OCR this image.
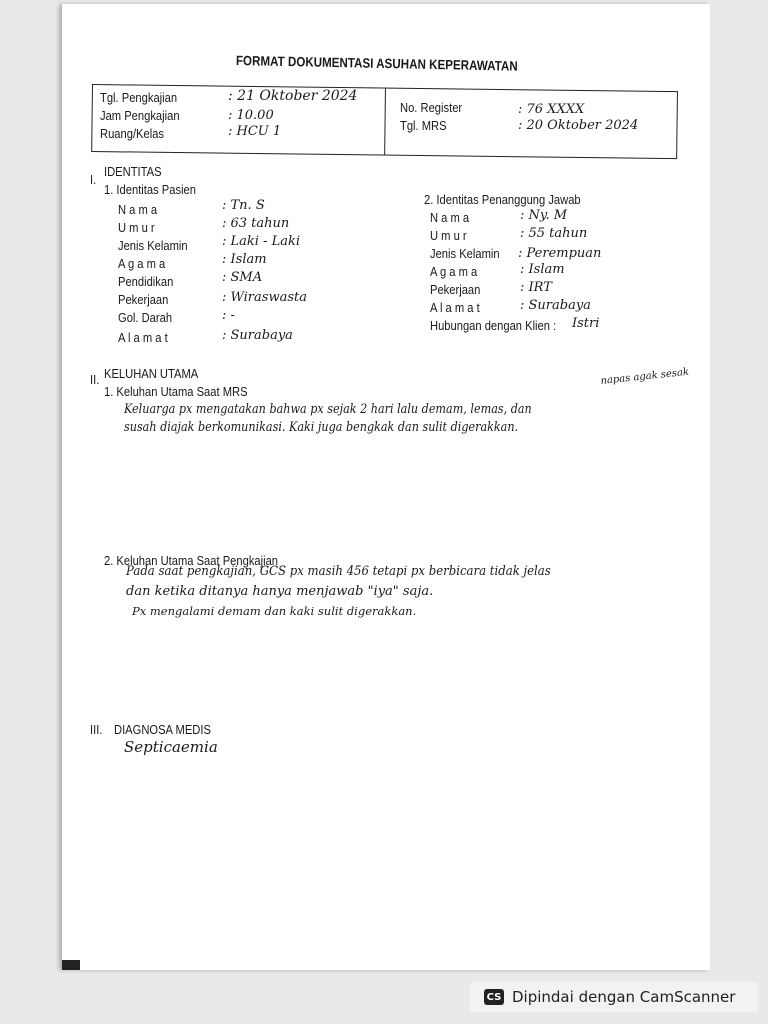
FORMAT DOKUMENTASI ASUHAN KEPERAWATAN
Tgl. Pengkajian	: 21 Oktober 2024
Jam Pengkajian	: 10.00
Ruang/Kelas	: HCU 1
No. Register	: 76 XXXX
Tgl. MRS	: 20 Oktober 2024
I.
IDENTITAS
1. Identitas Pasien
N a m a	: Tn. S
U m u r	: 63 tahun
Jenis Kelamin	: Laki - Laki
A g a m a	: Islam
Pendidikan	: SMA
Pekerjaan	: Wiraswasta
Gol. Darah	: -
A l a m a t	: Surabaya
2. Identitas Penanggung Jawab
N a m a	: Ny. M
U m u r	: 55 tahun
Jenis Kelamin : Perempuan
A g a m a	: Islam
Pekerjaan	: IRT
A l a m a t	: Surabaya
Hubungan dengan Klien : Istri
II. KELUHAN UTAMA
1. Keluhan Utama Saat MRS
napas agak sesak
Keluarga px mengatakan bahwa px sejak 2 hari lalu demam, lemas, dan
susah diajak berkomunikasi. Kaki juga bengkak dan sulit digerakkan.
2. Keluhan Utama Saat Pengkajian
Pada saat pengkajian, GCS px masih 456 tetapi px berbicara tidak jelas
dan ketika ditanya hanya menjawab "iya" saja.
Px mengalami demam dan kaki sulit digerakkan.
III. DIAGNOSA MEDIS
Septicaemia
CS Dipindai dengan CamScanner
